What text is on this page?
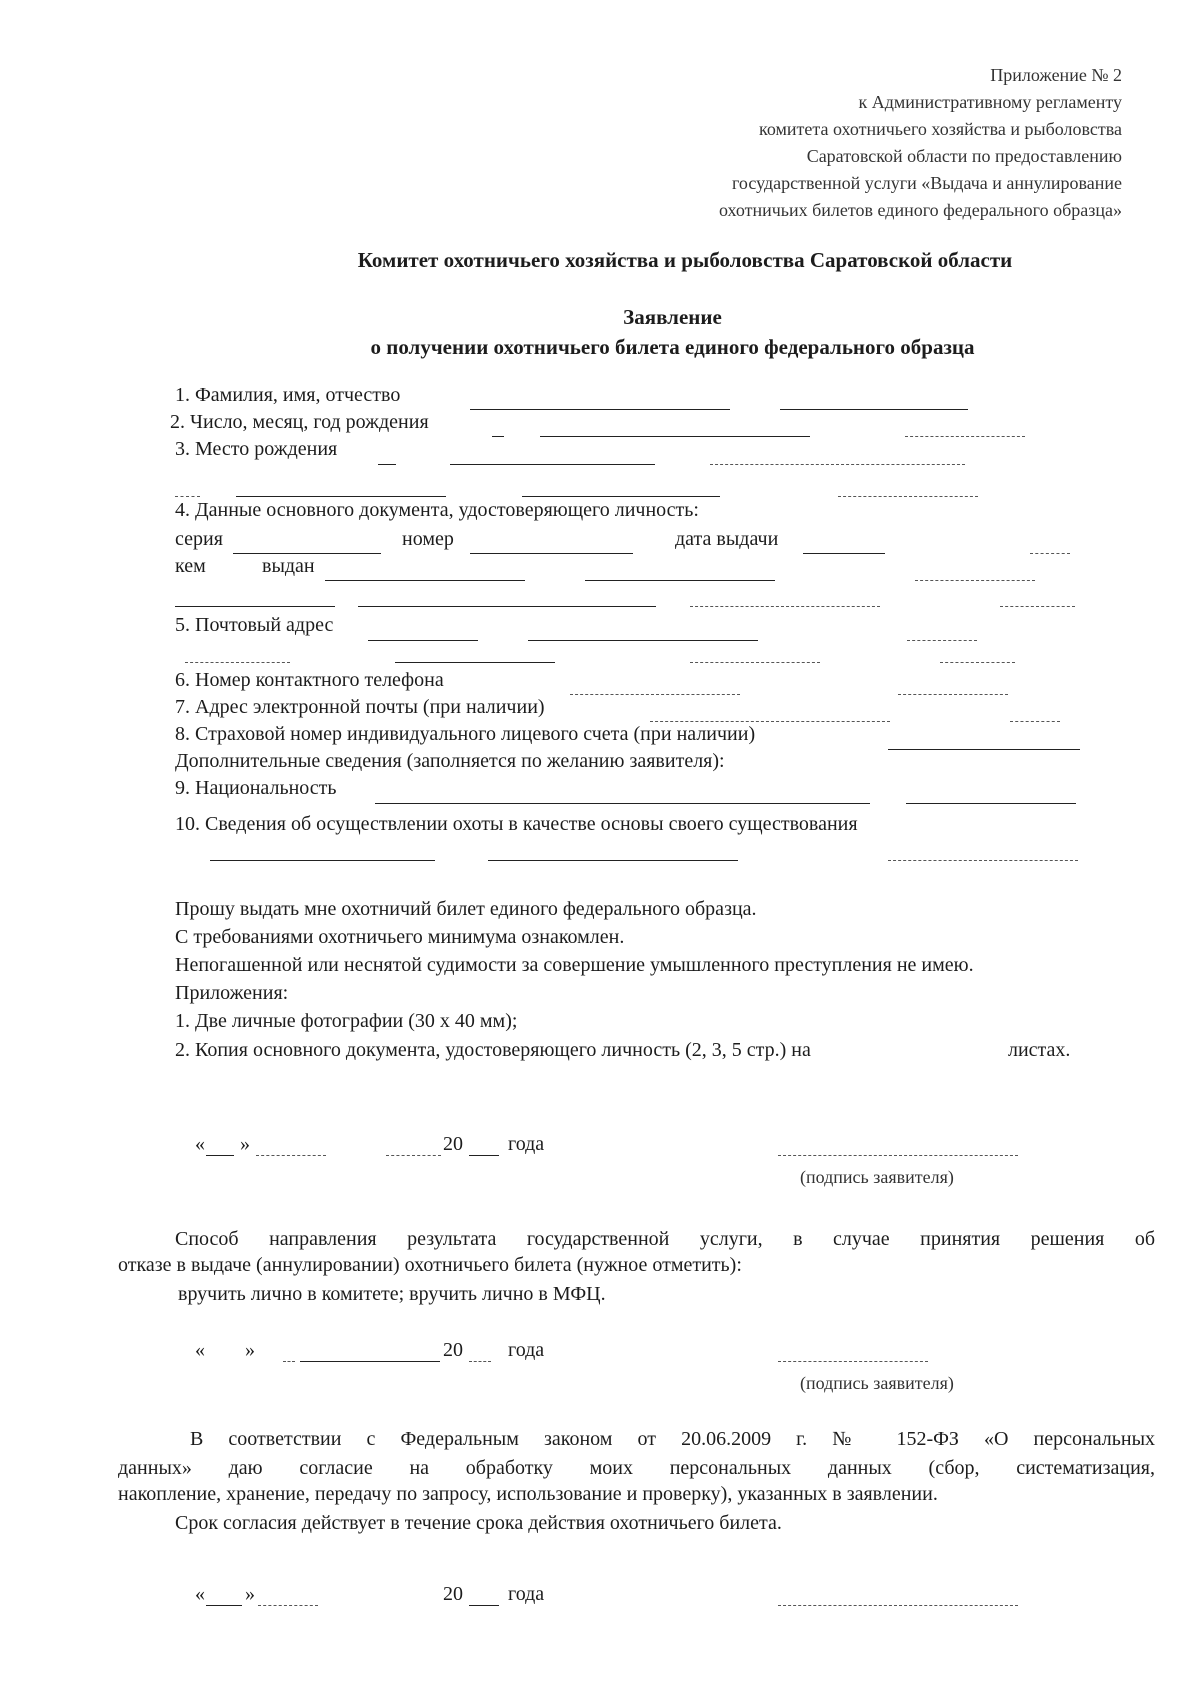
Приложение № 2
к Административному регламенту
комитета охотничьего хозяйства и рыболовства
Саратовской области по предоставлению
государственной услуги «Выдача и аннулирование
охотничьих билетов единого федерального образца»
Комитет охотничьего хозяйства и рыболовства Саратовской области
Заявление
о получении охотничьего билета единого федерального образца
1. Фамилия, имя, отчество
2. Число, месяц, год рождения
3. Место рождения
4. Данные основного документа, удостоверяющего личность:
серия	номер	дата выдачи
кем	выдан
5. Почтовый адрес
6. Номер контактного телефона
7. Адрес электронной почты (при наличии)
8. Страховой номер индивидуального лицевого счета (при наличии)
Дополнительные сведения (заполняется по желанию заявителя):
9. Национальность
10. Сведения об осуществлении охоты в качестве основы своего существования
Прошу выдать мне охотничий билет единого федерального образца.
С требованиями охотничьего минимума ознакомлен.
Непогашенной или неснятой судимости за совершение умышленного преступления не имею.
Приложения:
1. Две личные фотографии (30 х 40 мм);
2. Копия основного документа, удостоверяющего личность (2, 3, 5 стр.) на	листах.
« »	20 года
(подпись заявителя)
Способ направления результата государственной услуги, в случае принятия решения об
отказе в выдаче (аннулировании) охотничьего билета (нужное отметить):
вручить лично в комитете; вручить лично в МФЦ.
« »	20 года
(подпись заявителя)
В соответствии с Федеральным законом от 20.06.2009 г. № 152-ФЗ «О персональных
данных» даю согласие на обработку моих персональных данных (сбор, систематизация,
накопление, хранение, передачу по запросу, использование и проверку), указанных в заявлении.
Срок согласия действует в течение срока действия охотничьего билета.
« »	20 года
